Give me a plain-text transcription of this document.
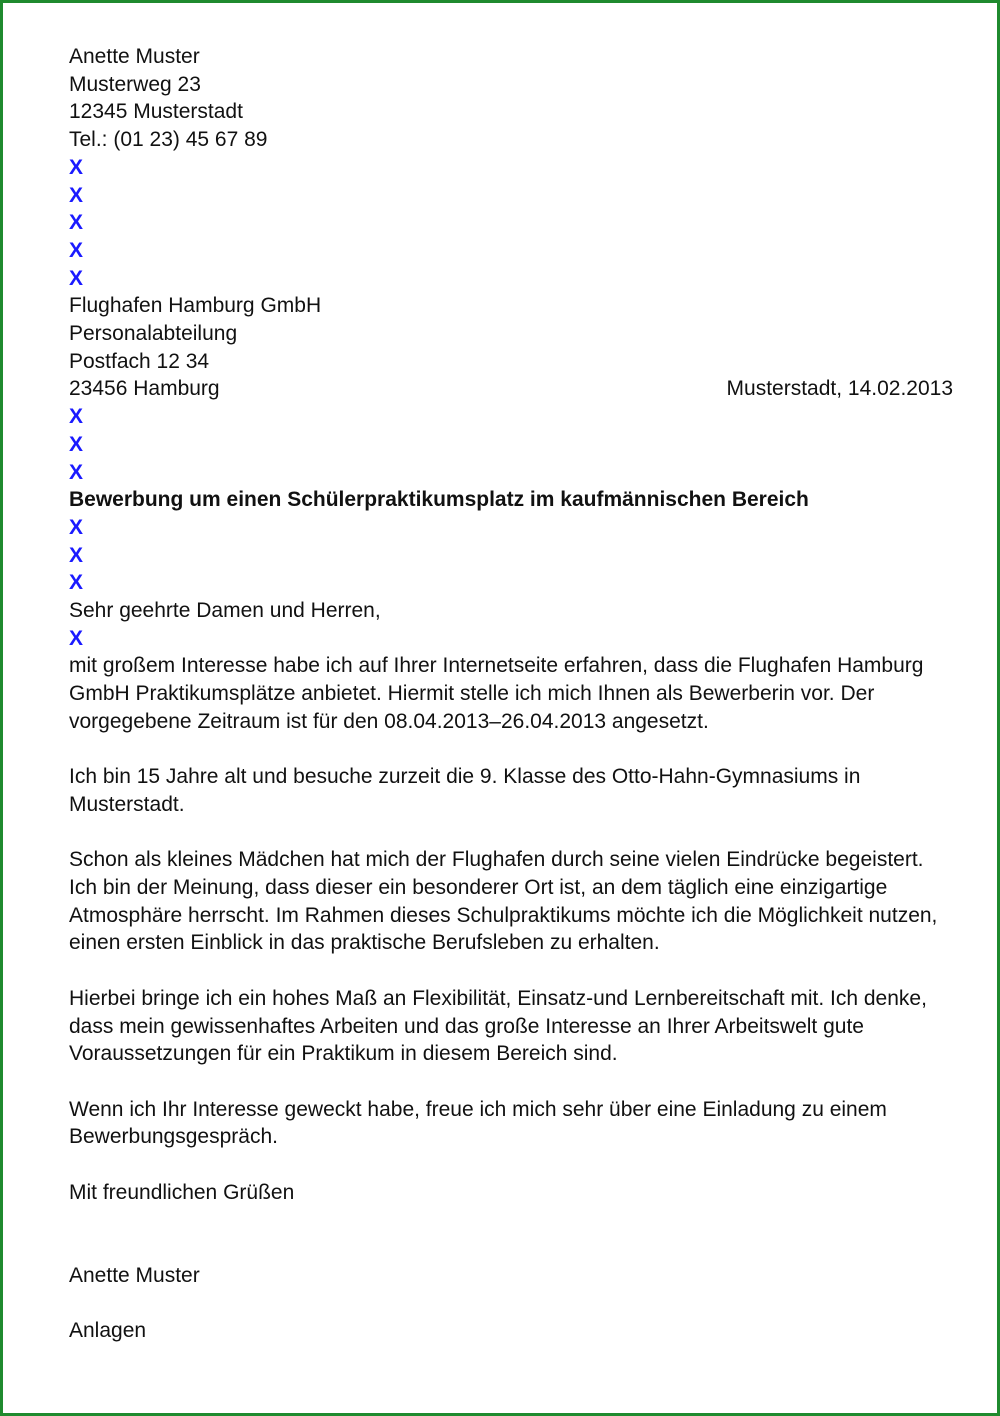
Anette Muster
Musterweg 23
12345 Musterstadt
Tel.: (01 23) 45 67 89
X
X
X
X
X
Flughafen Hamburg GmbH
Personalabteilung
Postfach 12 34
23456 Hamburg	Musterstadt, 14.02.2013
X
X
X
Bewerbung um einen Schülerpraktikumsplatz im kaufmännischen Bereich
X
X
X
Sehr geehrte Damen und Herren,
X

mit großem Interesse habe ich auf Ihrer Internetseite erfahren, dass die Flughafen Hamburg
GmbH Praktikumsplätze anbietet. Hiermit stelle ich mich Ihnen als Bewerberin vor. Der
vorgegebene Zeitraum ist für den 08.04.2013–26.04.2013 angesetzt.

Ich bin 15 Jahre alt und besuche zurzeit die 9. Klasse des Otto-Hahn-Gymnasiums in
Musterstadt.

Schon als kleines Mädchen hat mich der Flughafen durch seine vielen Eindrücke begeistert.
Ich bin der Meinung, dass dieser ein besonderer Ort ist, an dem täglich eine einzigartige
Atmosphäre herrscht. Im Rahmen dieses Schulpraktikums möchte ich die Möglichkeit nutzen,
einen ersten Einblick in das praktische Berufsleben zu erhalten.

Hierbei bringe ich ein hohes Maß an Flexibilität, Einsatz-und Lernbereitschaft mit. Ich denke,
dass mein gewissenhaftes Arbeiten und das große Interesse an Ihrer Arbeitswelt gute
Voraussetzungen für ein Praktikum in diesem Bereich sind.

Wenn ich Ihr Interesse geweckt habe, freue ich mich sehr über eine Einladung zu einem
Bewerbungsgespräch.

Mit freundlichen Grüßen
Anette Muster
Anlagen
